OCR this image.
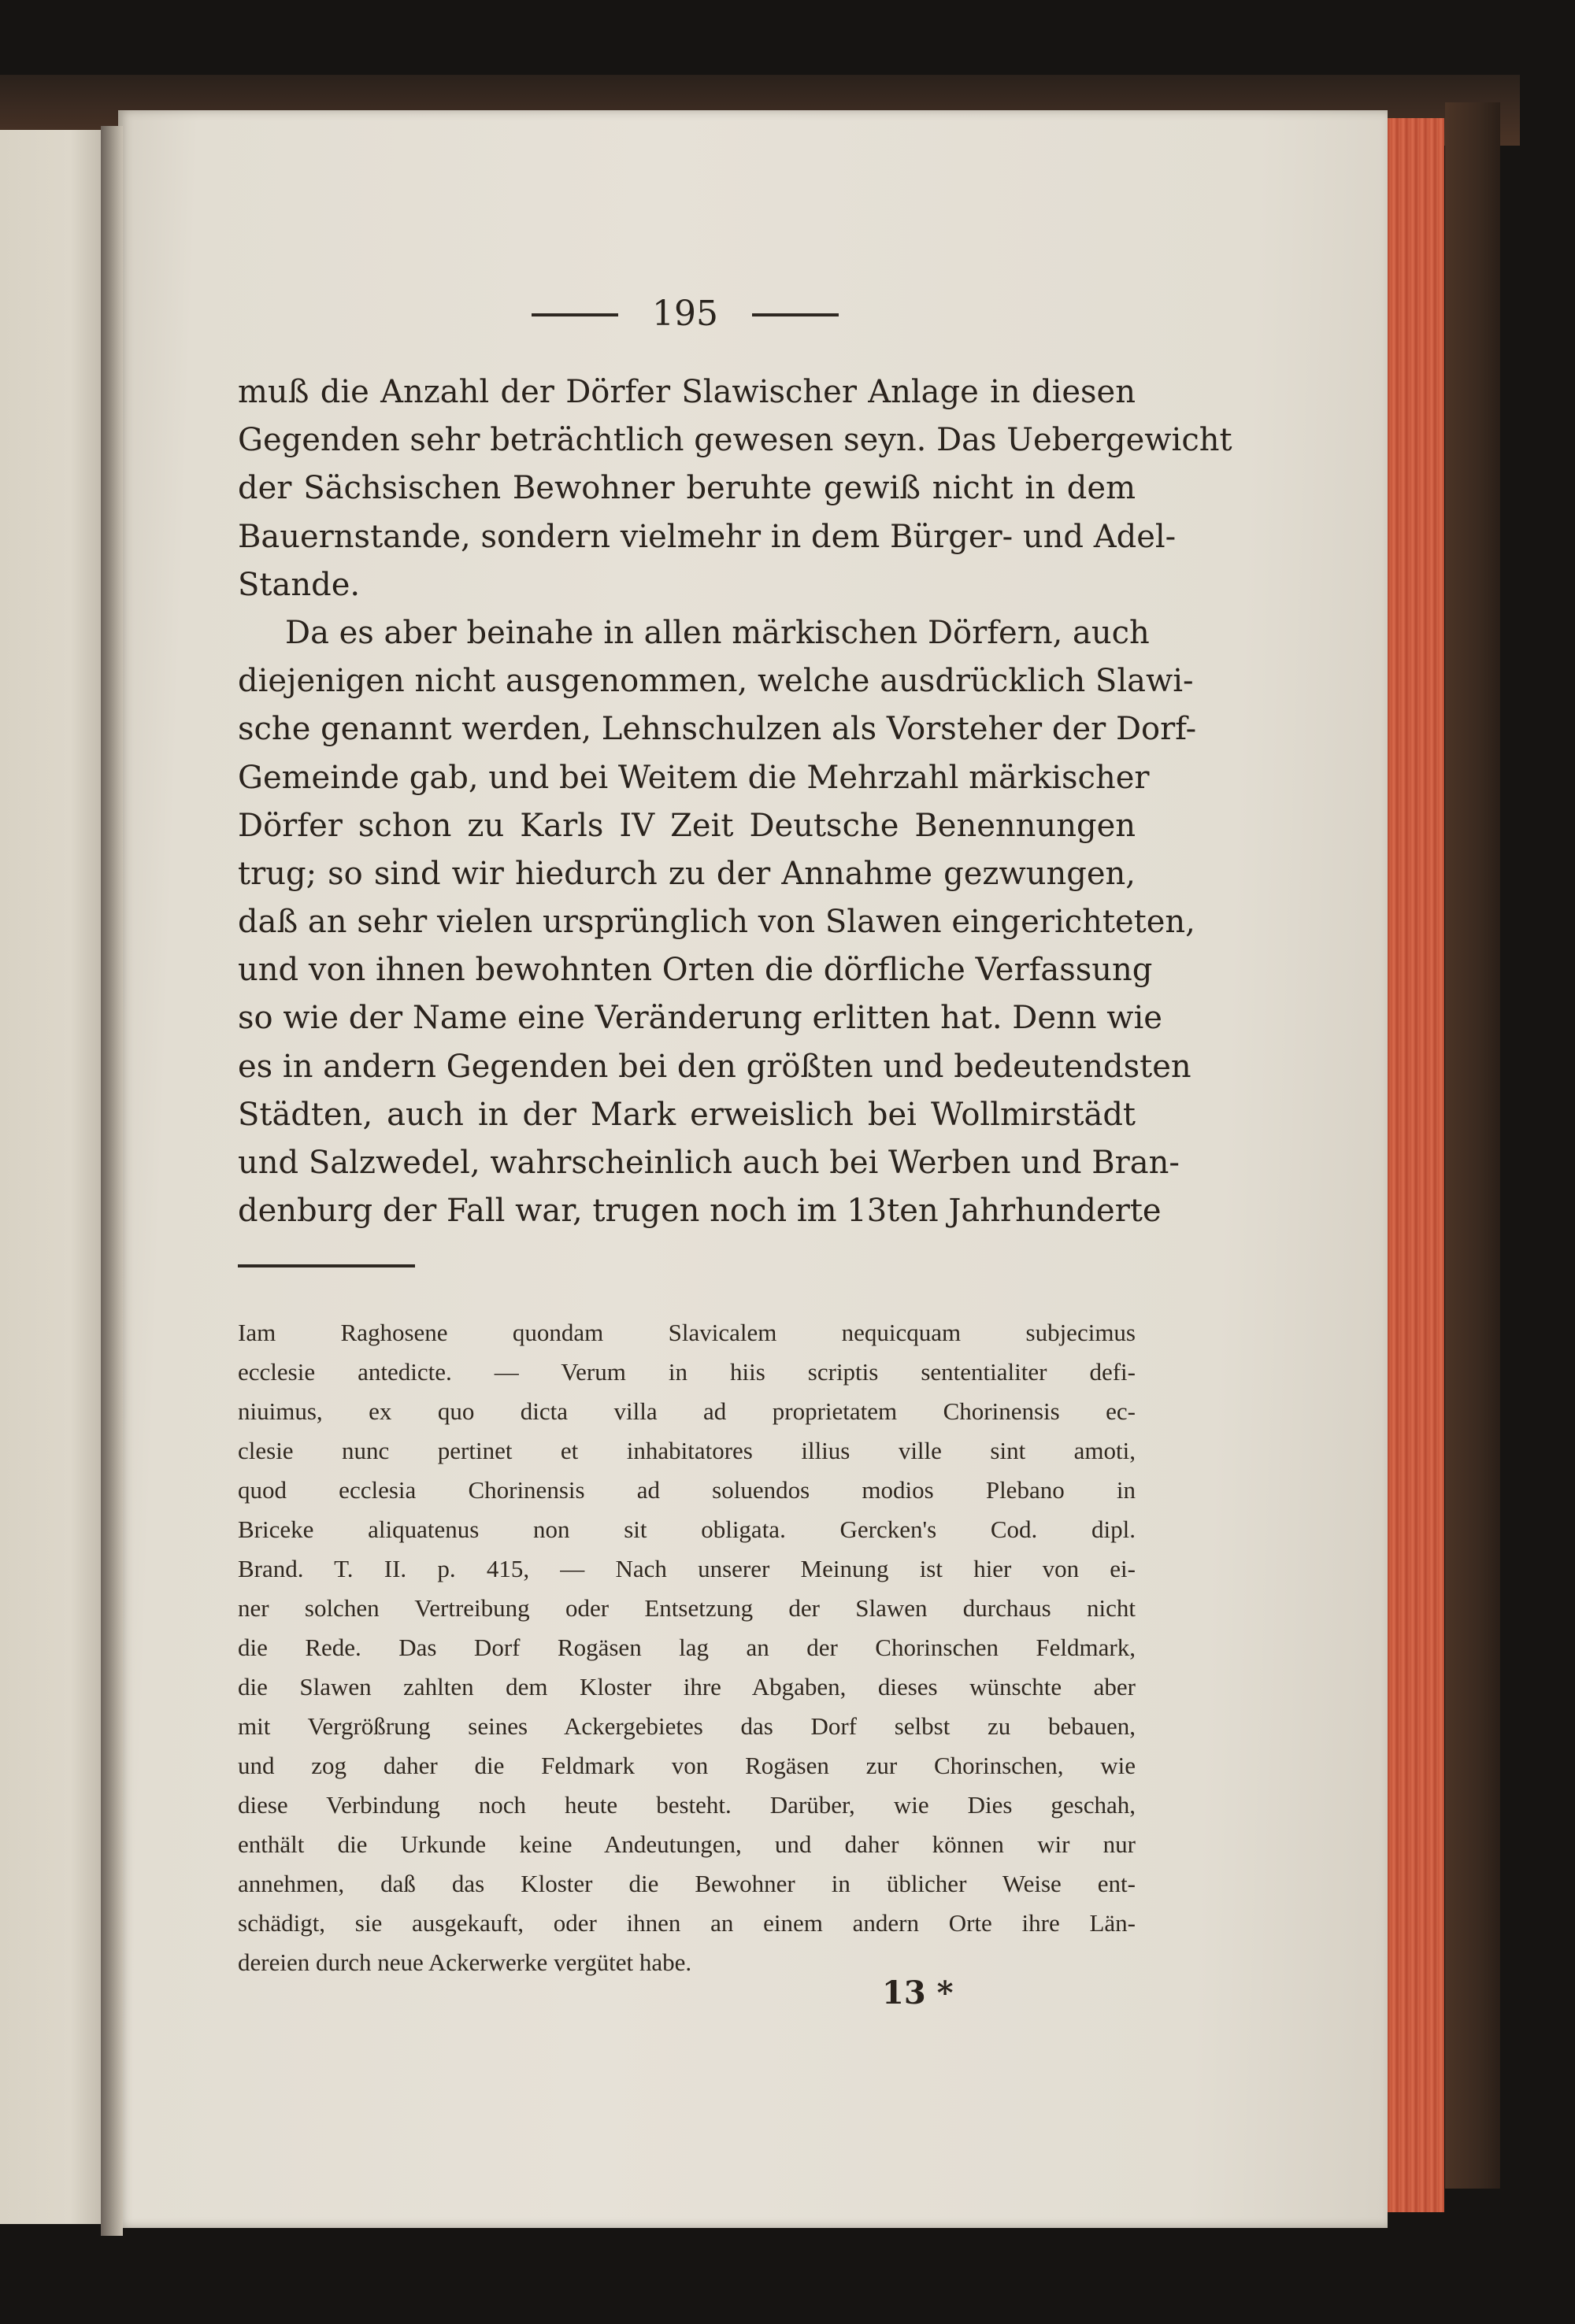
195
muß die Anzahl der Dörfer Slawischer Anlage in diesen
Gegenden sehr beträchtlich gewesen seyn. Das Uebergewicht
der Sächsischen Bewohner beruhte gewiß nicht in dem
Bauernstande, sondern vielmehr in dem Bürger- und Adel-
Stande.
Da es aber beinahe in allen märkischen Dörfern, auch
diejenigen nicht ausgenommen, welche ausdrücklich Slawi-
sche genannt werden, Lehnschulzen als Vorsteher der Dorf-
Gemeinde gab, und bei Weitem die Mehrzahl märkischer
Dörfer schon zu Karls IV Zeit Deutsche Benennungen
trug; so sind wir hiedurch zu der Annahme gezwungen,
daß an sehr vielen ursprünglich von Slawen eingerichteten,
und von ihnen bewohnten Orten die dörfliche Verfassung
so wie der Name eine Veränderung erlitten hat. Denn wie
es in andern Gegenden bei den größten und bedeutendsten
Städten, auch in der Mark erweislich bei Wollmirstädt
und Salzwedel, wahrscheinlich auch bei Werben und Bran-
denburg der Fall war, trugen noch im 13ten Jahrhunderte
Iam Raghosene quondam Slavicalem nequicquam subjecimus
ecclesie antedicte. — Verum in hiis scriptis sententialiter defi-
niuimus, ex quo dicta villa ad proprietatem Chorinensis ec-
clesie nunc pertinet et inhabitatores illius ville sint amoti,
quod ecclesia Chorinensis ad soluendos modios Plebano in
Briceke aliquatenus non sit obligata. Gercken's Cod. dipl.
Brand. T. II. p. 415, — Nach unserer Meinung ist hier von ei-
ner solchen Vertreibung oder Entsetzung der Slawen durchaus nicht
die Rede. Das Dorf Rogäsen lag an der Chorinschen Feldmark,
die Slawen zahlten dem Kloster ihre Abgaben, dieses wünschte aber
mit Vergrößrung seines Ackergebietes das Dorf selbst zu bebauen,
und zog daher die Feldmark von Rogäsen zur Chorinschen, wie
diese Verbindung noch heute besteht. Darüber, wie Dies geschah,
enthält die Urkunde keine Andeutungen, und daher können wir nur
annehmen, daß das Kloster die Bewohner in üblicher Weise ent-
schädigt, sie ausgekauft, oder ihnen an einem andern Orte ihre Län-
dereien durch neue Ackerwerke vergütet habe.
13 *
